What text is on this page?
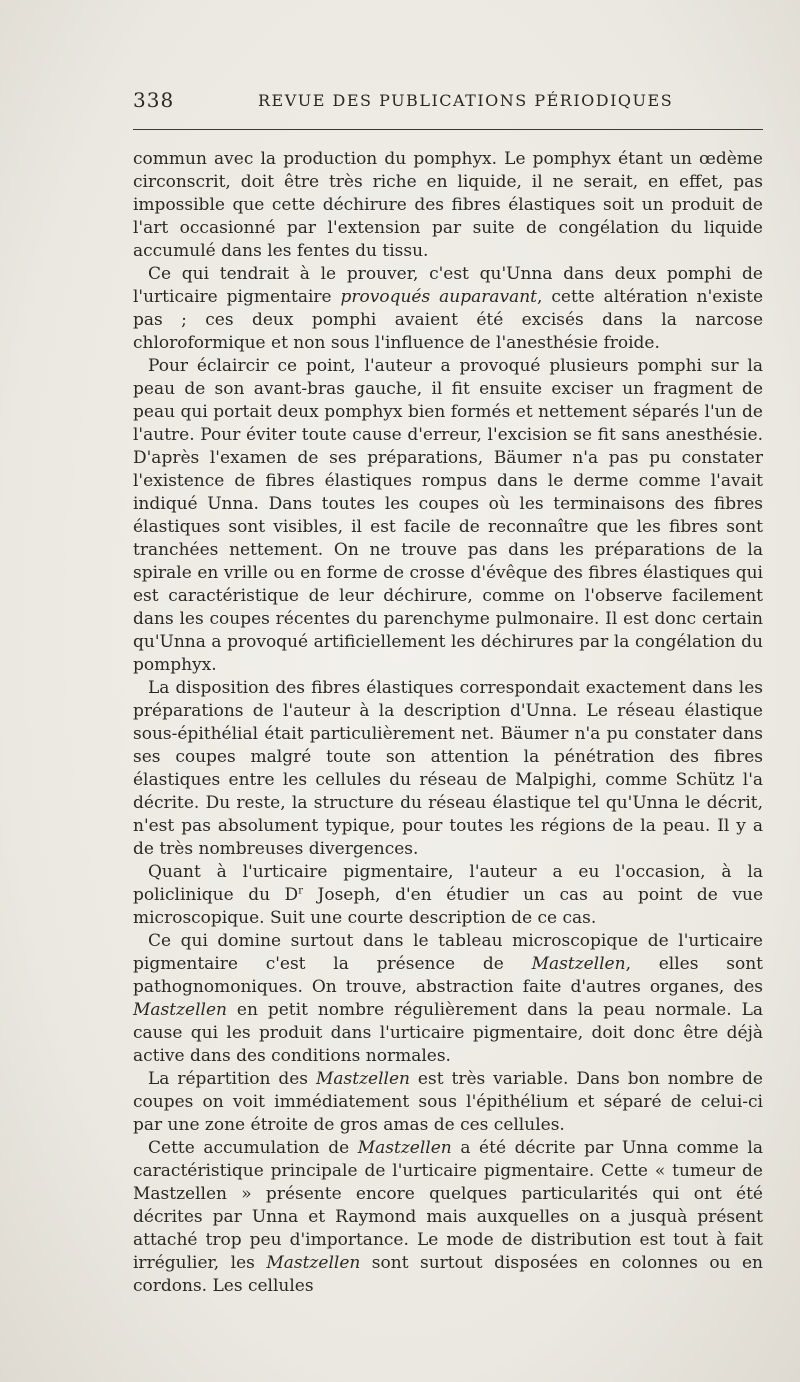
338	REVUE DES PUBLICATIONS PÉRIODIQUES

commun avec la production du pomphyx. Le pomphyx étant un œdème circonscrit, doit être très riche en liquide, il ne serait, en effet, pas impossible que cette déchirure des fibres élastiques soit un produit de l'art occasionné par l'extension par suite de congélation du liquide accumulé dans les fentes du tissu.

Ce qui tendrait à le prouver, c'est qu'Unna dans deux pomphi de l'urticaire pigmentaire provoqués auparavant, cette altération n'existe pas ; ces deux pomphi avaient été excisés dans la narcose chloroformique et non sous l'influence de l'anesthésie froide.

Pour éclaircir ce point, l'auteur a provoqué plusieurs pomphi sur la peau de son avant-bras gauche, il fit ensuite exciser un fragment de peau qui portait deux pomphyx bien formés et nettement séparés l'un de l'autre. Pour éviter toute cause d'erreur, l'excision se fit sans anesthésie. D'après l'examen de ses préparations, Bäumer n'a pas pu constater l'existence de fibres élastiques rompus dans le derme comme l'avait indiqué Unna. Dans toutes les coupes où les terminaisons des fibres élastiques sont visibles, il est facile de reconnaître que les fibres sont tranchées nettement. On ne trouve pas dans les préparations de la spirale en vrille ou en forme de crosse d'évêque des fibres élastiques qui est caractéristique de leur déchirure, comme on l'observe facilement dans les coupes récentes du parenchyme pulmonaire. Il est donc certain qu'Unna a provoqué artificiellement les déchirures par la congélation du pomphyx.

La disposition des fibres élastiques correspondait exactement dans les préparations de l'auteur à la description d'Unna. Le réseau élastique sous-épithélial était particulièrement net. Bäumer n'a pu constater dans ses coupes malgré toute son attention la pénétration des fibres élastiques entre les cellules du réseau de Malpighi, comme Schütz l'a décrite. Du reste, la structure du réseau élastique tel qu'Unna le décrit, n'est pas absolument typique, pour toutes les régions de la peau. Il y a de très nombreuses divergences.

Quant à l'urticaire pigmentaire, l'auteur a eu l'occasion, à la policlinique du $D^r$ Joseph, d'en étudier un cas au point de vue microscopique. Suit une courte description de ce cas.

Ce qui domine surtout dans le tableau microscopique de l'urticaire pigmentaire c'est la présence de Mastzellen, elles sont pathognomoniques. On trouve, abstraction faite d'autres organes, des Mastzellen en petit nombre régulièrement dans la peau normale. La cause qui les produit dans l'urticaire pigmentaire, doit donc être déjà active dans des conditions normales.

La répartition des Mastzellen est très variable. Dans bon nombre de coupes on voit immédiatement sous l'épithélium et séparé de celui-ci par une zone étroite de gros amas de ces cellules.

Cette accumulation de Mastzellen a été décrite par Unna comme la caractéristique principale de l'urticaire pigmentaire. Cette « tumeur de Mastzellen » présente encore quelques particularités qui ont été décrites par Unna et Raymond mais auxquelles on a jusquà présent attaché trop peu d'importance. Le mode de distribution est tout à fait irrégulier, les Mastzellen sont surtout disposées en colonnes ou en cordons. Les cellules
